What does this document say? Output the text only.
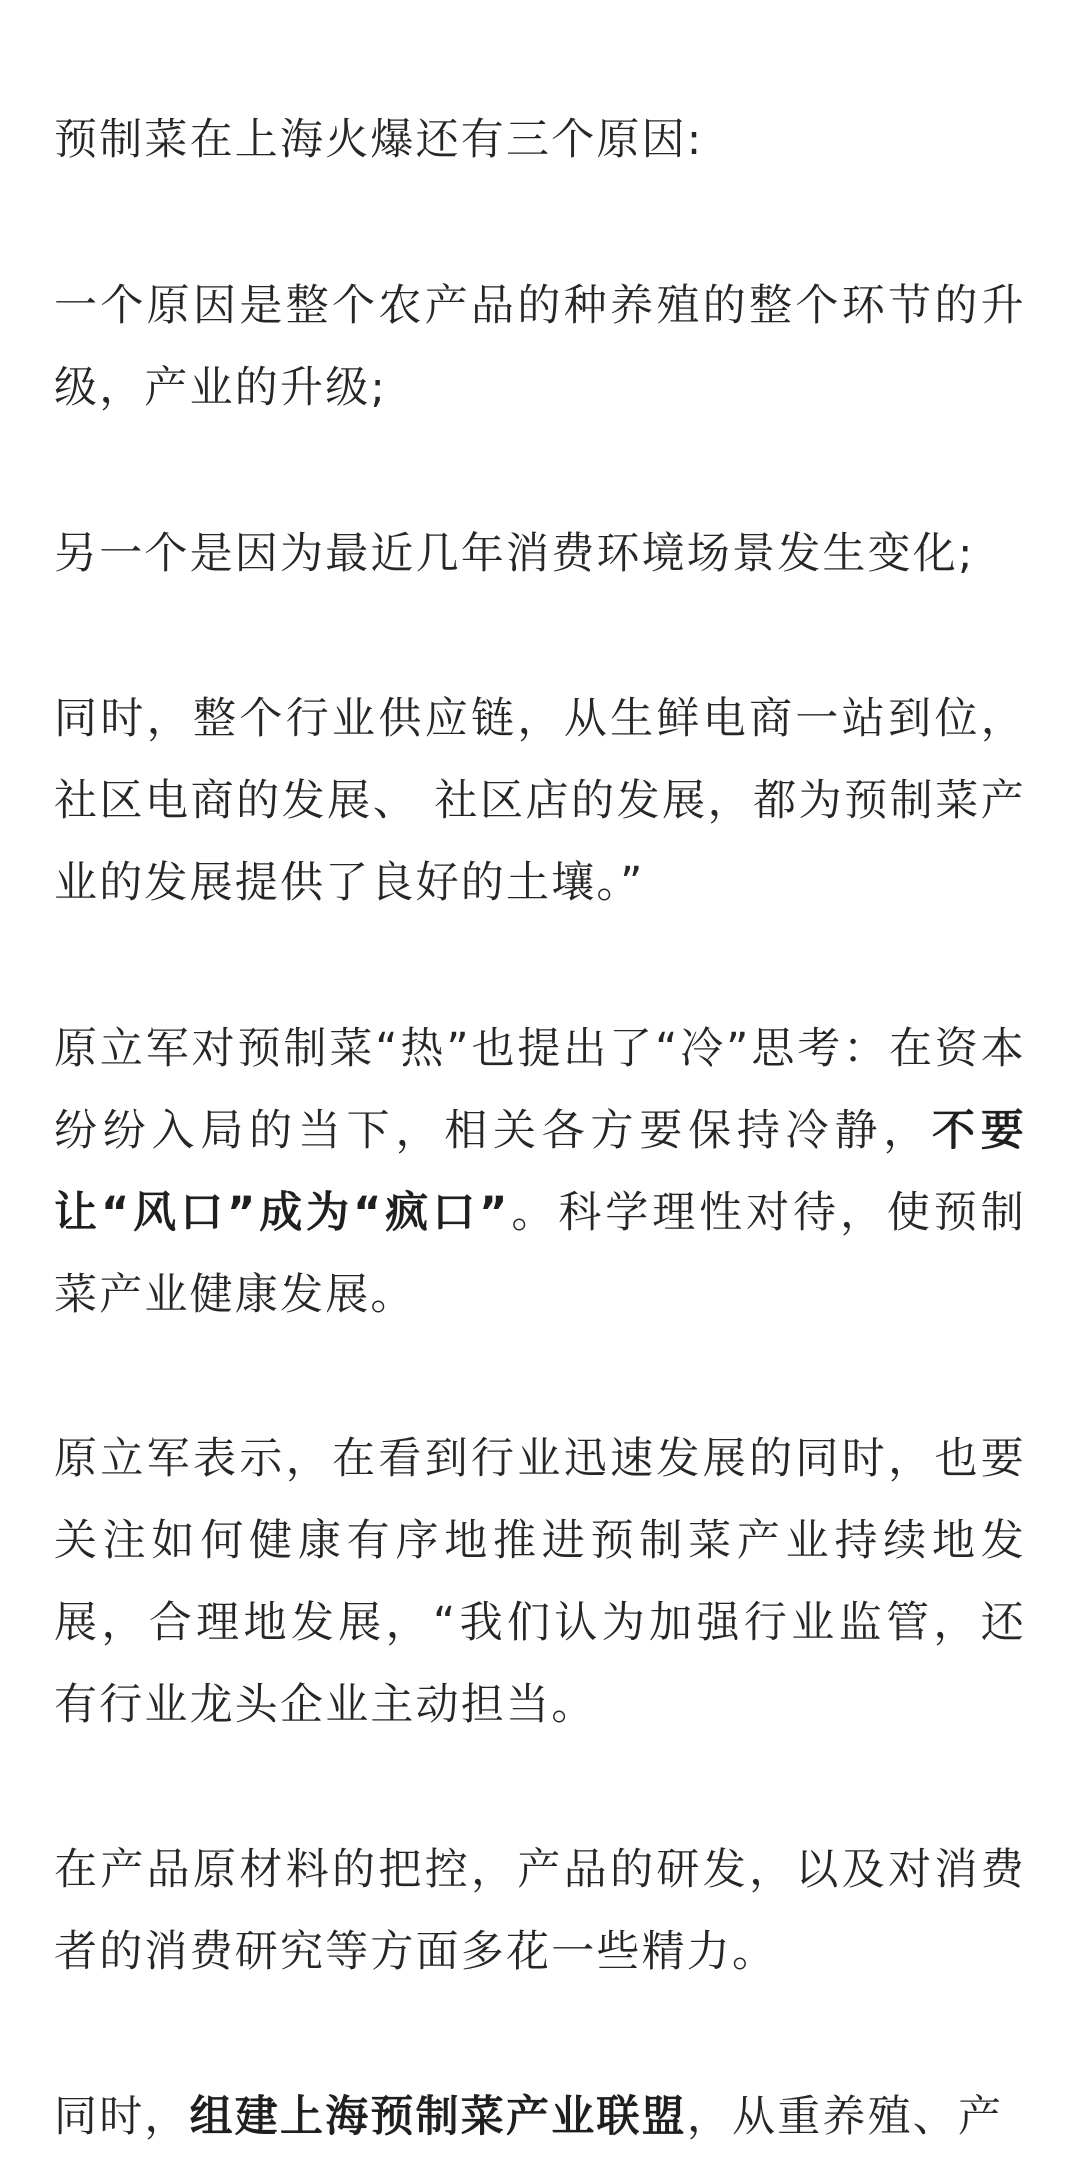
预制菜在上海火爆还有三个原因:

一个原因是整个农产品的种养殖的整个环节的升级，产业的升级;

另一个是因为最近几年消费环境场景发生变化;

同时，整个行业供应链，从生鲜电商一站到位，社区电商的发展、 社区店的发展，都为预制菜产业的发展提供了良好的土壤。”

原立军对预制菜“热”也提出了“冷”思考：在资本纷纷入局的当下，相关各方要保持冷静，不要让“风口”成为“疯口”。科学理性对待，使预制菜产业健康发展。

原立军表示，在看到行业迅速发展的同时，也要关注如何健康有序地推进预制菜产业持续地发展，合理地发展，“我们认为加强行业监管，还有行业龙头企业主动担当。

在产品原材料的把控，产品的研发，以及对消费者的消费研究等方面多花一些精力。

同时，组建上海预制菜产业联盟，从重养殖、产
